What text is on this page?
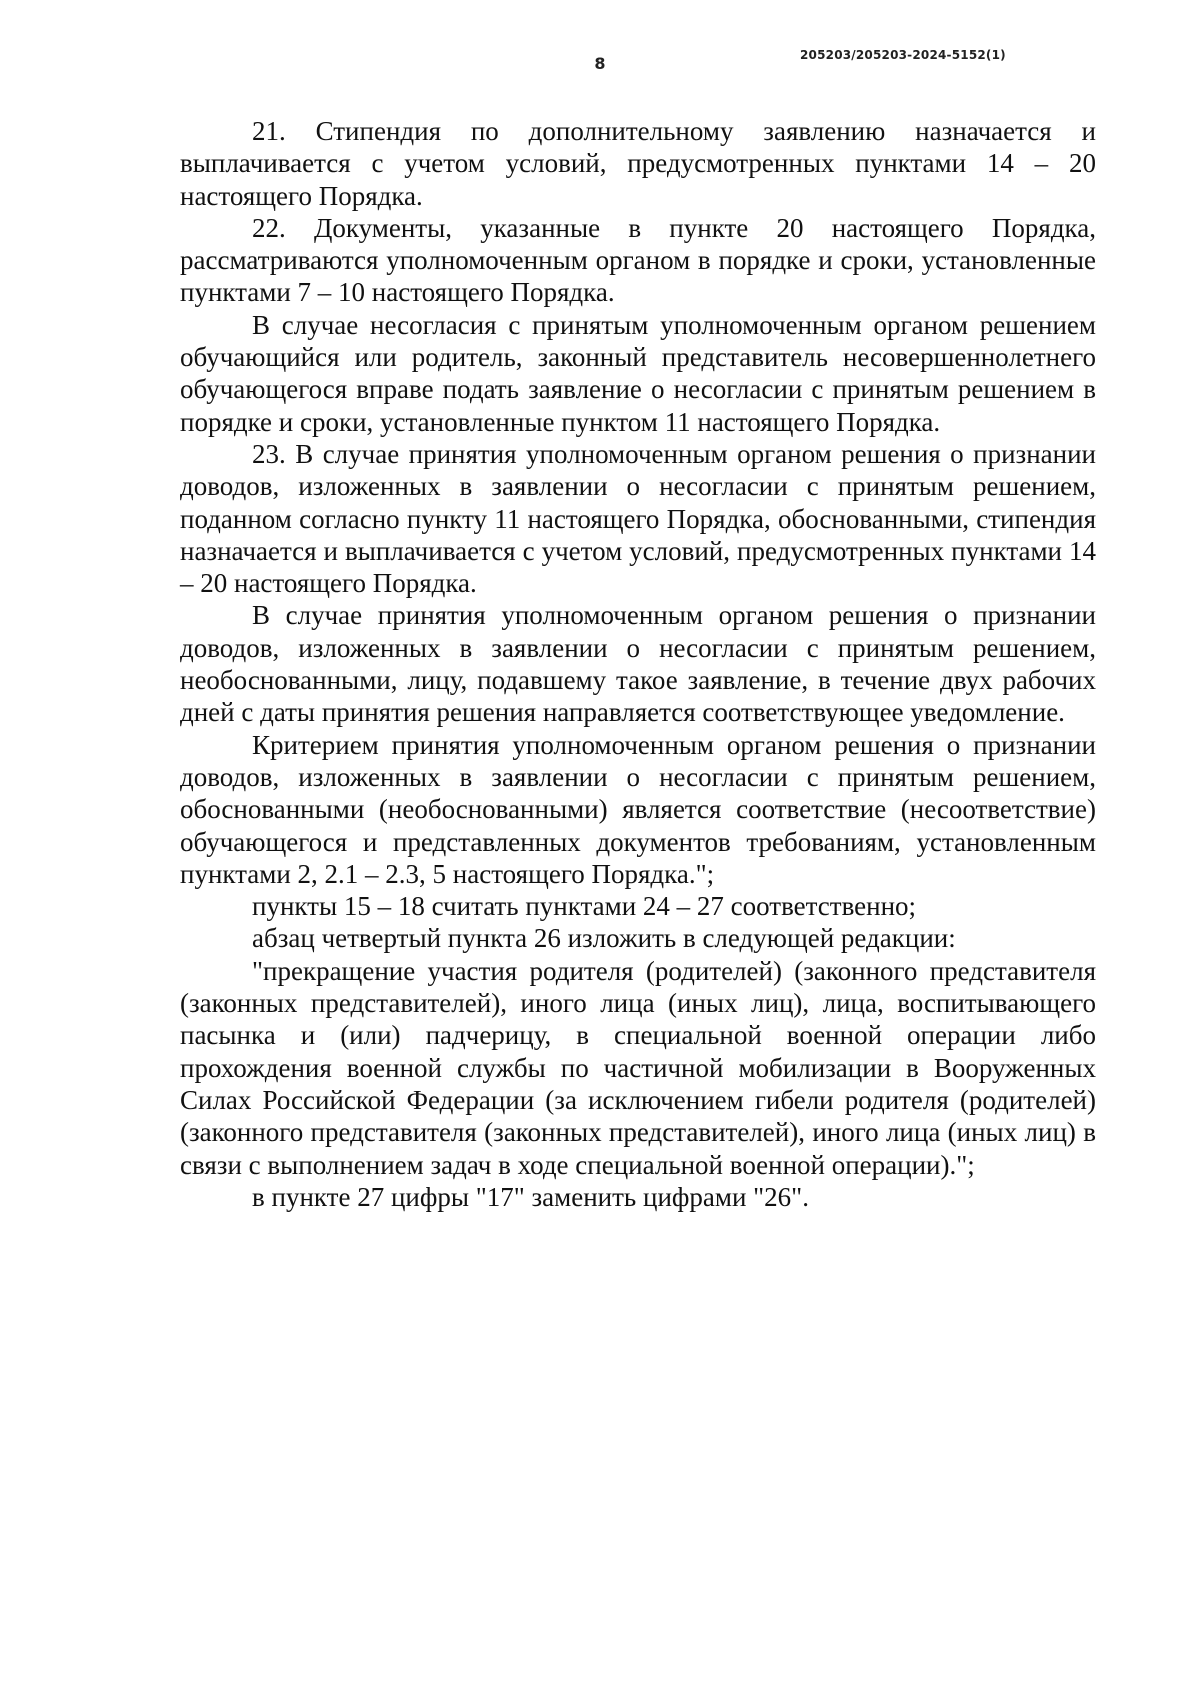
8	205203/205203-2024-5152(1)

21. Стипендия по дополнительному заявлению назначается и выплачивается с учетом условий, предусмотренных пунктами 14 – 20 настоящего Порядка.

22. Документы, указанные в пункте 20 настоящего Порядка, рассматриваются уполномоченным органом в порядке и сроки, установленные пунктами 7 – 10 настоящего Порядка.

В случае несогласия с принятым уполномоченным органом решением обучающийся или родитель, законный представитель несовершеннолетнего обучающегося вправе подать заявление о несогласии с принятым решением в порядке и сроки, установленные пунктом 11 настоящего Порядка.

23. В случае принятия уполномоченным органом решения о признании доводов, изложенных в заявлении о несогласии с принятым решением, поданном согласно пункту 11 настоящего Порядка, обоснованными, стипендия назначается и выплачивается с учетом условий, предусмотренных пунктами 14 – 20 настоящего Порядка.

В случае принятия уполномоченным органом решения о признании доводов, изложенных в заявлении о несогласии с принятым решением, необоснованными, лицу, подавшему такое заявление, в течение двух рабочих дней с даты принятия решения направляется соответствующее уведомление.

Критерием принятия уполномоченным органом решения о признании доводов, изложенных в заявлении о несогласии с принятым решением, обоснованными (необоснованными) является соответствие (несоответствие) обучающегося и представленных документов требованиям, установленным пунктами 2, 2.1 – 2.3, 5 настоящего Порядка.";

пункты 15 – 18 считать пунктами 24 – 27 соответственно;

абзац четвертый пункта 26 изложить в следующей редакции:

"прекращение участия родителя (родителей) (законного представителя (законных представителей), иного лица (иных лиц), лица, воспитывающего пасынка и (или) падчерицу, в специальной военной операции либо прохождения военной службы по частичной мобилизации в Вооруженных Силах Российской Федерации (за исключением гибели родителя (родителей) (законного представителя (законных представителей), иного лица (иных лиц) в связи с выполнением задач в ходе специальной военной операции).";

в пункте 27 цифры "17" заменить цифрами "26".
